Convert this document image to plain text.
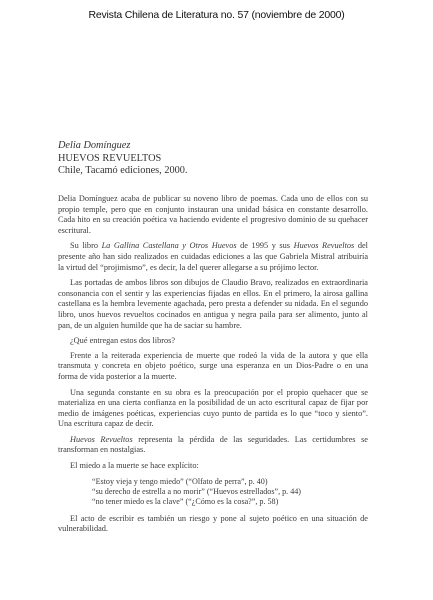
Revista Chilena de Literatura no. 57 (noviembre de 2000)
Delia Domínguez
HUEVOS REVUELTOS
Chile, Tacamó ediciones, 2000.

Delia Domínguez acaba de publicar su noveno libro de poemas. Cada uno de ellos con su propio temple, pero que en conjunto instauran una unidad básica en constante desarrollo. Cada hito en su creación poética va haciendo evidente el progresivo dominio de su quehacer escritural.

Su libro La Gallina Castellana y Otros Huevos de 1995 y sus Huevos Revueltos del presente año han sido realizados en cuidadas ediciones a las que Gabriela Mistral atribuiría la virtud del “projimismo”, es decir, la del querer allegarse a su prójimo lector.

Las portadas de ambos libros son dibujos de Claudio Bravo, realizados en extraordinaria consonancia con el sentir y las experiencias fijadas en ellos. En el primero, la airosa gallina castellana es la hembra levemente agachada, pero presta a defender su nidada. En el segundo libro, unos huevos revueltos cocinados en antigua y negra paila para ser alimento, junto al pan, de un alguien humilde que ha de saciar su hambre.

¿Qué entregan estos dos libros?

Frente a la reiterada experiencia de muerte que rodeó la vida de la autora y que ella transmuta y concreta en objeto poético, surge una esperanza en un Dios-Padre o en una forma de vida posterior a la muerte.

Una segunda constante en su obra es la preocupación por el propio quehacer que se materializa en una cierta confianza en la posibilidad de un acto escritural capaz de fijar por medio de imágenes poéticas, experiencias cuyo punto de partida es lo que “toco y siento”. Una escritura capaz de decir.

Huevos Revueltos representa la pérdida de las seguridades. Las certidumbres se transforman en nostalgias.

El miedo a la muerte se hace explícito:

“Estoy vieja y tengo miedo” (“Olfato de perra”, p. 40)
“su derecho de estrella a no morir” (“Huevos estrellados”, p. 44)
“no tener miedo es la clave” (“¿Cómo es la cosa?”, p. 58)

El acto de escribir es también un riesgo y pone al sujeto poético en una situación de vulnerabilidad.
